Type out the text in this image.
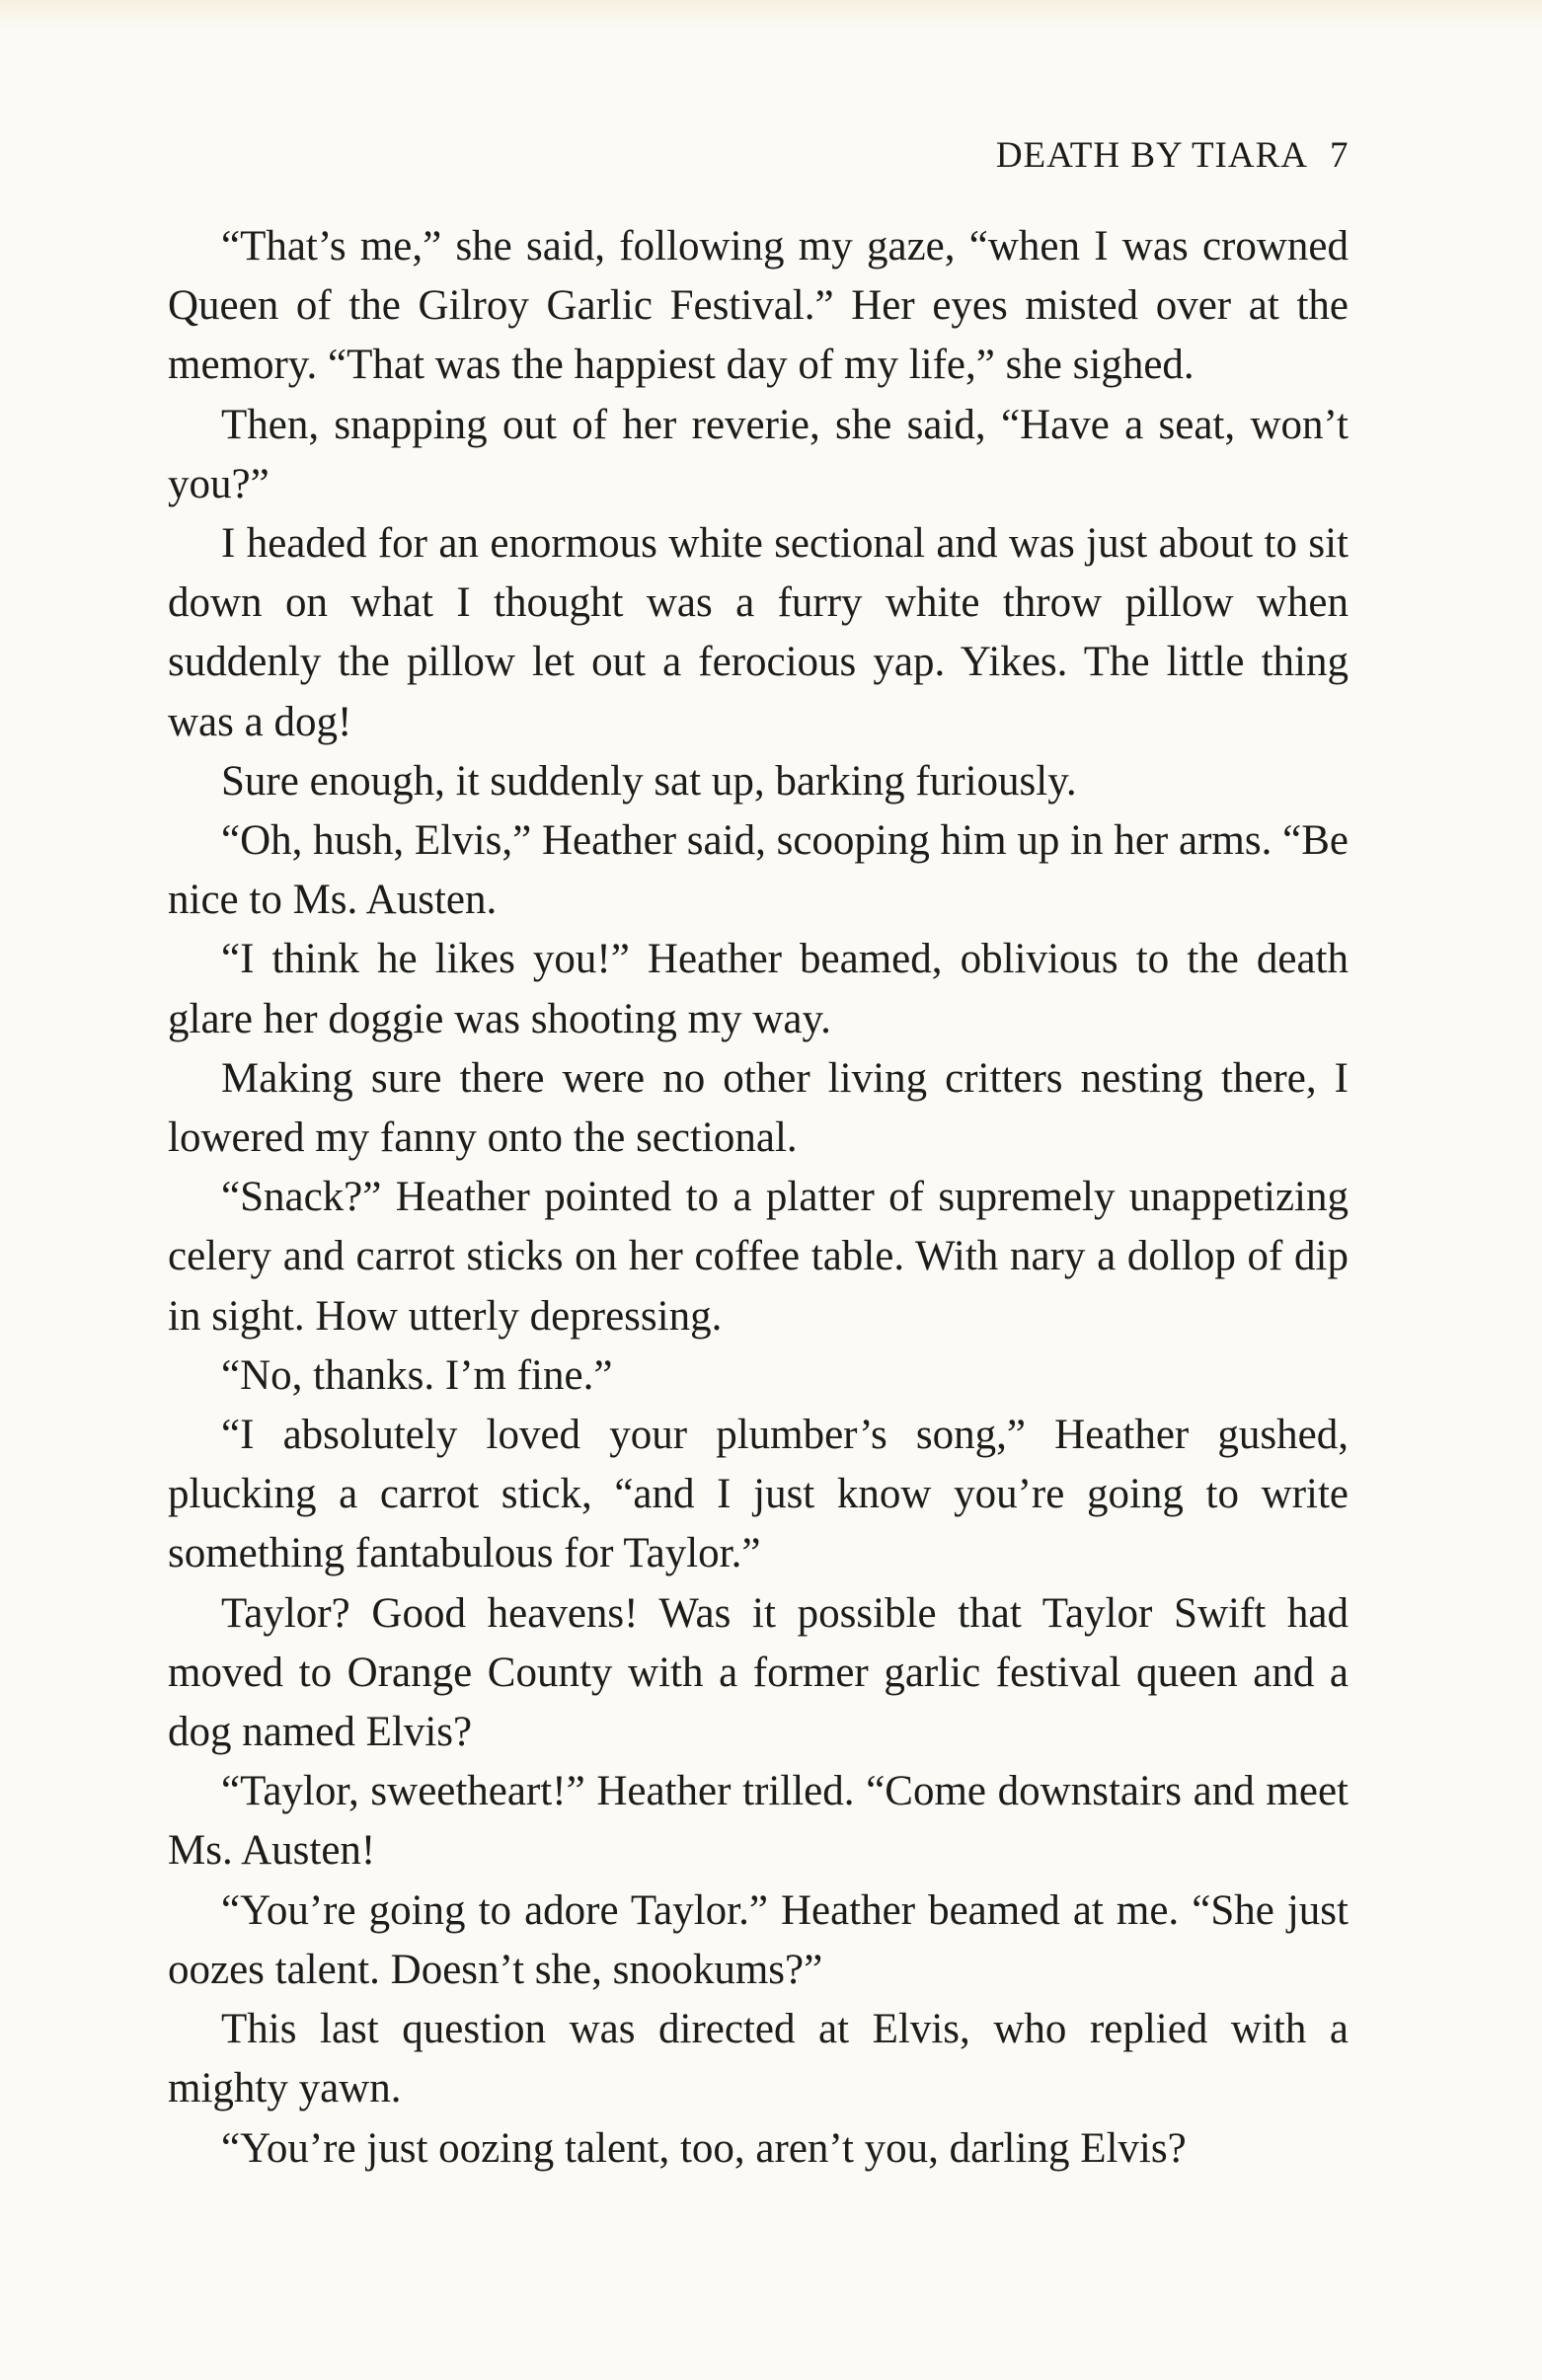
DEATH BY TIARA 7

“That’s me,” she said, following my gaze, “when I was crowned Queen of the Gilroy Garlic Festival.” Her eyes misted over at the memory. “That was the happiest day of my life,” she sighed.

Then, snapping out of her reverie, she said, “Have a seat, won’t you?”

I headed for an enormous white sectional and was just about to sit down on what I thought was a furry white throw pillow when suddenly the pillow let out a ferocious yap. Yikes. The little thing was a dog!

Sure enough, it suddenly sat up, barking furiously.

“Oh, hush, Elvis,” Heather said, scooping him up in her arms. “Be nice to Ms. Austen.

“I think he likes you!” Heather beamed, oblivious to the death glare her doggie was shooting my way.

Making sure there were no other living critters nesting there, I lowered my fanny onto the sectional.

“Snack?” Heather pointed to a platter of supremely unappetizing celery and carrot sticks on her coffee table. With nary a dollop of dip in sight. How utterly depressing.

“No, thanks. I’m fine.”

“I absolutely loved your plumber’s song,” Heather gushed, plucking a carrot stick, “and I just know you’re going to write something fantabulous for Taylor.”

Taylor? Good heavens! Was it possible that Taylor Swift had moved to Orange County with a former garlic festival queen and a dog named Elvis?

“Taylor, sweetheart!” Heather trilled. “Come downstairs and meet Ms. Austen!

“You’re going to adore Taylor.” Heather beamed at me. “She just oozes talent. Doesn’t she, snookums?”

This last question was directed at Elvis, who replied with a mighty yawn.

“You’re just oozing talent, too, aren’t you, darling Elvis?
